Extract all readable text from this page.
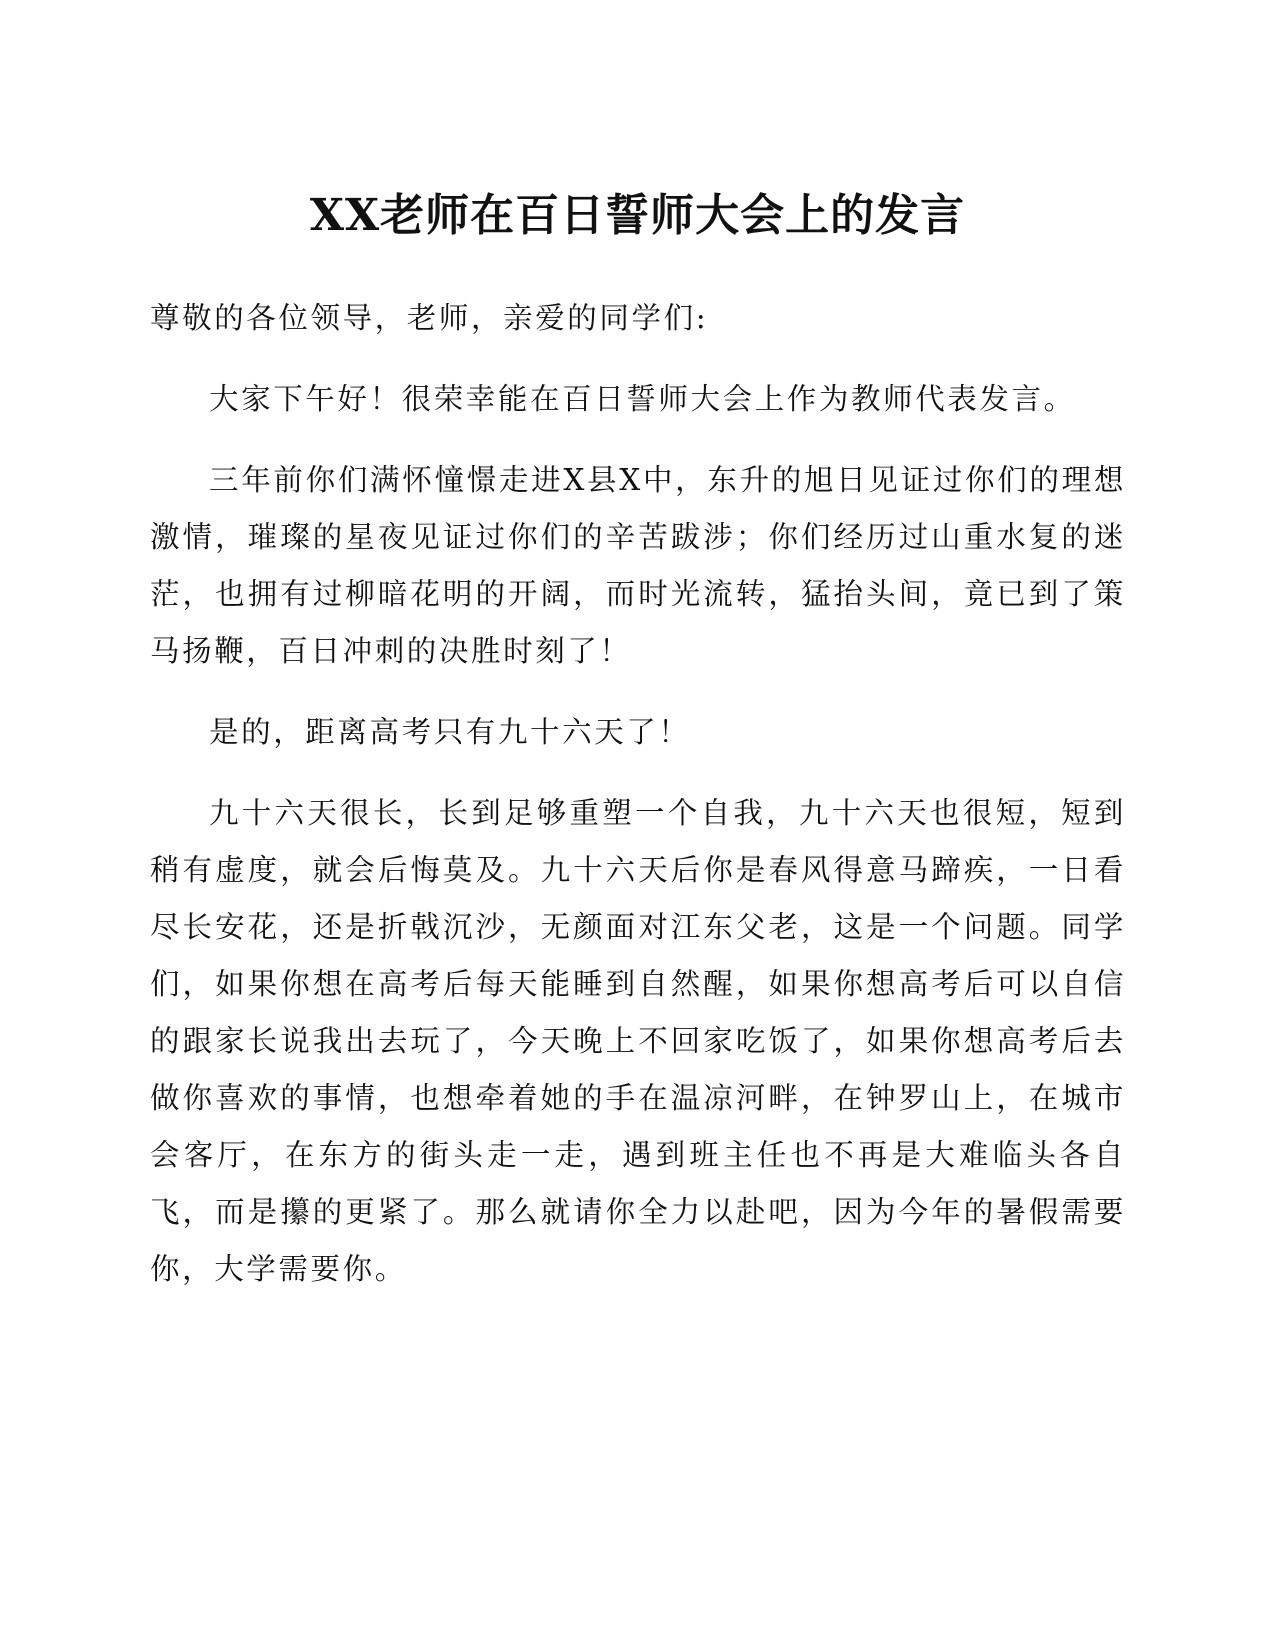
XX老师在百日誓师大会上的发言

尊敬的各位领导，老师，亲爱的同学们:

大家下午好！很荣幸能在百日誓师大会上作为教师代表发言。

三年前你们满怀憧憬走进X县X中，东升的旭日见证过你们的理想激情，璀璨的星夜见证过你们的辛苦跋涉；你们经历过山重水复的迷茫，也拥有过柳暗花明的开阔，而时光流转，猛抬头间，竟已到了策马扬鞭，百日冲刺的决胜时刻了！

是的，距离高考只有九十六天了！

九十六天很长，长到足够重塑一个自我，九十六天也很短，短到稍有虚度，就会后悔莫及。九十六天后你是春风得意马蹄疾，一日看尽长安花，还是折戟沉沙，无颜面对江东父老，这是一个问题。同学们，如果你想在高考后每天能睡到自然醒，如果你想高考后可以自信的跟家长说我出去玩了，今天晚上不回家吃饭了，如果你想高考后去做你喜欢的事情，也想牵着她的手在温凉河畔，在钟罗山上，在城市会客厅，在东方的街头走一走，遇到班主任也不再是大难临头各自飞，而是攥的更紧了。那么就请你全力以赴吧，因为今年的暑假需要你，大学需要你。
